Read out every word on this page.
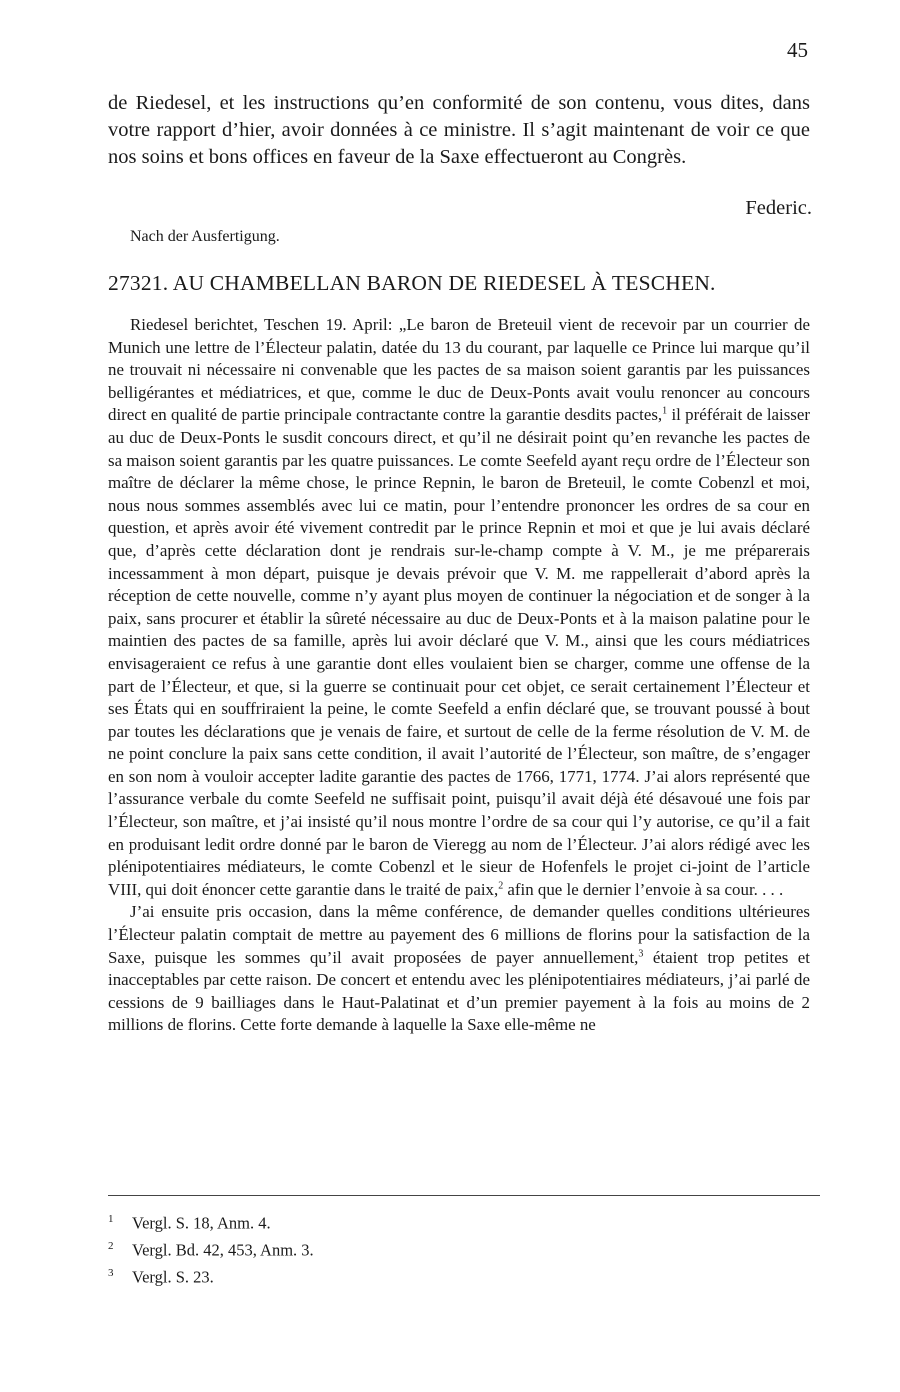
45
de Riedesel, et les instructions qu’en conformité de son contenu, vous dites, dans votre rapport d’hier, avoir données à ce ministre. Il s’agit maintenant de voir ce que nos soins et bons offices en faveur de la Saxe effectueront au Congrès.
Federic.
Nach der Ausfertigung.
27321. AU CHAMBELLAN BARON DE RIEDESEL À TESCHEN.

Riedesel berichtet, Teschen 19. April: „Le baron de Breteuil vient de recevoir par un courrier de Munich une lettre de l’Électeur palatin, datée du 13 du courant, par laquelle ce Prince lui marque qu’il ne trouvait ni nécessaire ni convenable que les pactes de sa maison soient garantis par les puissances belligérantes et médiatrices, et que, comme le duc de Deux-Ponts avait voulu renoncer au concours direct en qualité de partie principale contractante contre la garantie desdits pactes,$^1$ il préférait de laisser au duc de Deux-Ponts le susdit concours direct, et qu’il ne désirait point qu’en revanche les pactes de sa maison soient garantis par les quatre puissances. Le comte Seefeld ayant reçu ordre de l’Électeur son maître de déclarer la même chose, le prince Repnin, le baron de Breteuil, le comte Cobenzl et moi, nous nous sommes assemblés avec lui ce matin, pour l’entendre prononcer les ordres de sa cour en question, et après avoir été vivement contredit par le prince Repnin et moi et que je lui avais déclaré que, d’après cette déclaration dont je rendrais sur-le-champ compte à V. M., je me préparerais incessamment à mon départ, puisque je devais prévoir que V. M. me rappellerait d’abord après la réception de cette nouvelle, comme n’y ayant plus moyen de continuer la négociation et de songer à la paix, sans procurer et établir la sûreté nécessaire au duc de Deux-Ponts et à la maison palatine pour le maintien des pactes de sa famille, après lui avoir déclaré que V. M., ainsi que les cours médiatrices envisageraient ce refus à une garantie dont elles voulaient bien se charger, comme une offense de la part de l’Électeur, et que, si la guerre se continuait pour cet objet, ce serait certainement l’Électeur et ses États qui en souffriraient la peine, le comte Seefeld a enfin déclaré que, se trouvant poussé à bout par toutes les déclarations que je venais de faire, et surtout de celle de la ferme résolution de V. M. de ne point conclure la paix sans cette condition, il avait l’autorité de l’Électeur, son maître, de s’engager en son nom à vouloir accepter ladite garantie des pactes de 1766, 1771, 1774. J’ai alors représenté que l’assurance verbale du comte Seefeld ne suffisait point, puisqu’il avait déjà été désavoué une fois par l’Électeur, son maître, et j’ai insisté qu’il nous montre l’ordre de sa cour qui l’y autorise, ce qu’il a fait en produisant ledit ordre donné par le baron de Vieregg au nom de l’Électeur. J’ai alors rédigé avec les plénipotentiaires médiateurs, le comte Cobenzl et le sieur de Hofenfels le projet ci-joint de l’article VIII, qui doit énoncer cette garantie dans le traité de paix,$^2$ afin que le dernier l’envoie à sa cour. . . .

J’ai ensuite pris occasion, dans la même conférence, de demander quelles conditions ultérieures l’Électeur palatin comptait de mettre au payement des 6 millions de florins pour la satisfaction de la Saxe, puisque les sommes qu’il avait proposées de payer annuellement,$^3$ étaient trop petites et inacceptables par cette raison. De concert et entendu avec les plénipotentiaires médiateurs, j’ai parlé de cessions de 9 bailliages dans le Haut-Palatinat et d’un premier payement à la fois au moins de 2 millions de florins. Cette forte demande à laquelle la Saxe elle-même ne

1 Vergl. S. 18, Anm. 4.
2 Vergl. Bd. 42, 453, Anm. 3.
3 Vergl. S. 23.
